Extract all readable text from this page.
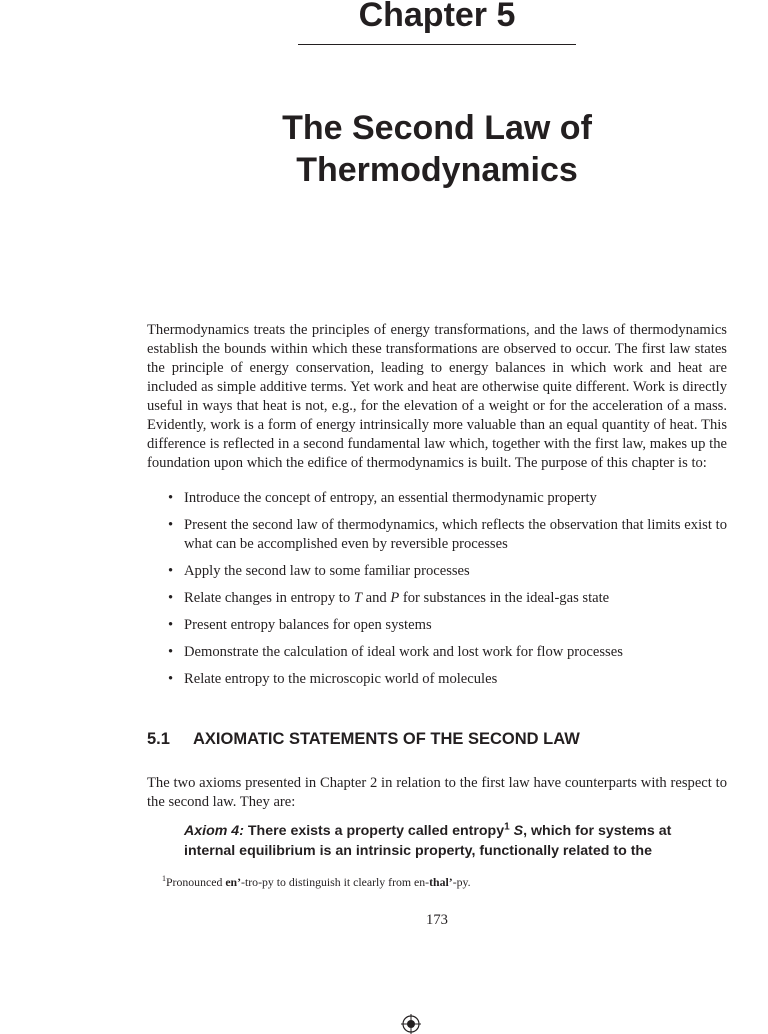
Chapter 5
The Second Law of
Thermodynamics

Thermodynamics treats the principles of energy transformations, and the laws of thermodynamics establish the bounds within which these transformations are observed to occur. The first law states the principle of energy conservation, leading to energy balances in which work and heat are included as simple additive terms. Yet work and heat are otherwise quite different. Work is directly useful in ways that heat is not, e.g., for the elevation of a weight or for the acceleration of a mass. Evidently, work is a form of energy intrinsically more valuable than an equal quantity of heat. This difference is reflected in a second fundamental law which, together with the first law, makes up the foundation upon which the edifice of thermodynamics is built. The purpose of this chapter is to:

• Introduce the concept of entropy, an essential thermodynamic property
• Present the second law of thermodynamics, which reflects the observation that limits exist to what can be accomplished even by reversible processes
• Apply the second law to some familiar processes
• Relate changes in entropy to T and P for substances in the ideal-gas state
• Present entropy balances for open systems
• Demonstrate the calculation of ideal work and lost work for flow processes
• Relate entropy to the microscopic world of molecules
5.1 AXIOMATIC STATEMENTS OF THE SECOND LAW

The two axioms presented in Chapter 2 in relation to the first law have counterparts with respect to the second law. They are:

Axiom 4: There exists a property called entropy$^1$ S, which for systems at internal equilibrium is an intrinsic property, functionally related to the

$^1$Pronounced en’-tro-py to distinguish it clearly from en-thal’-py.

173
